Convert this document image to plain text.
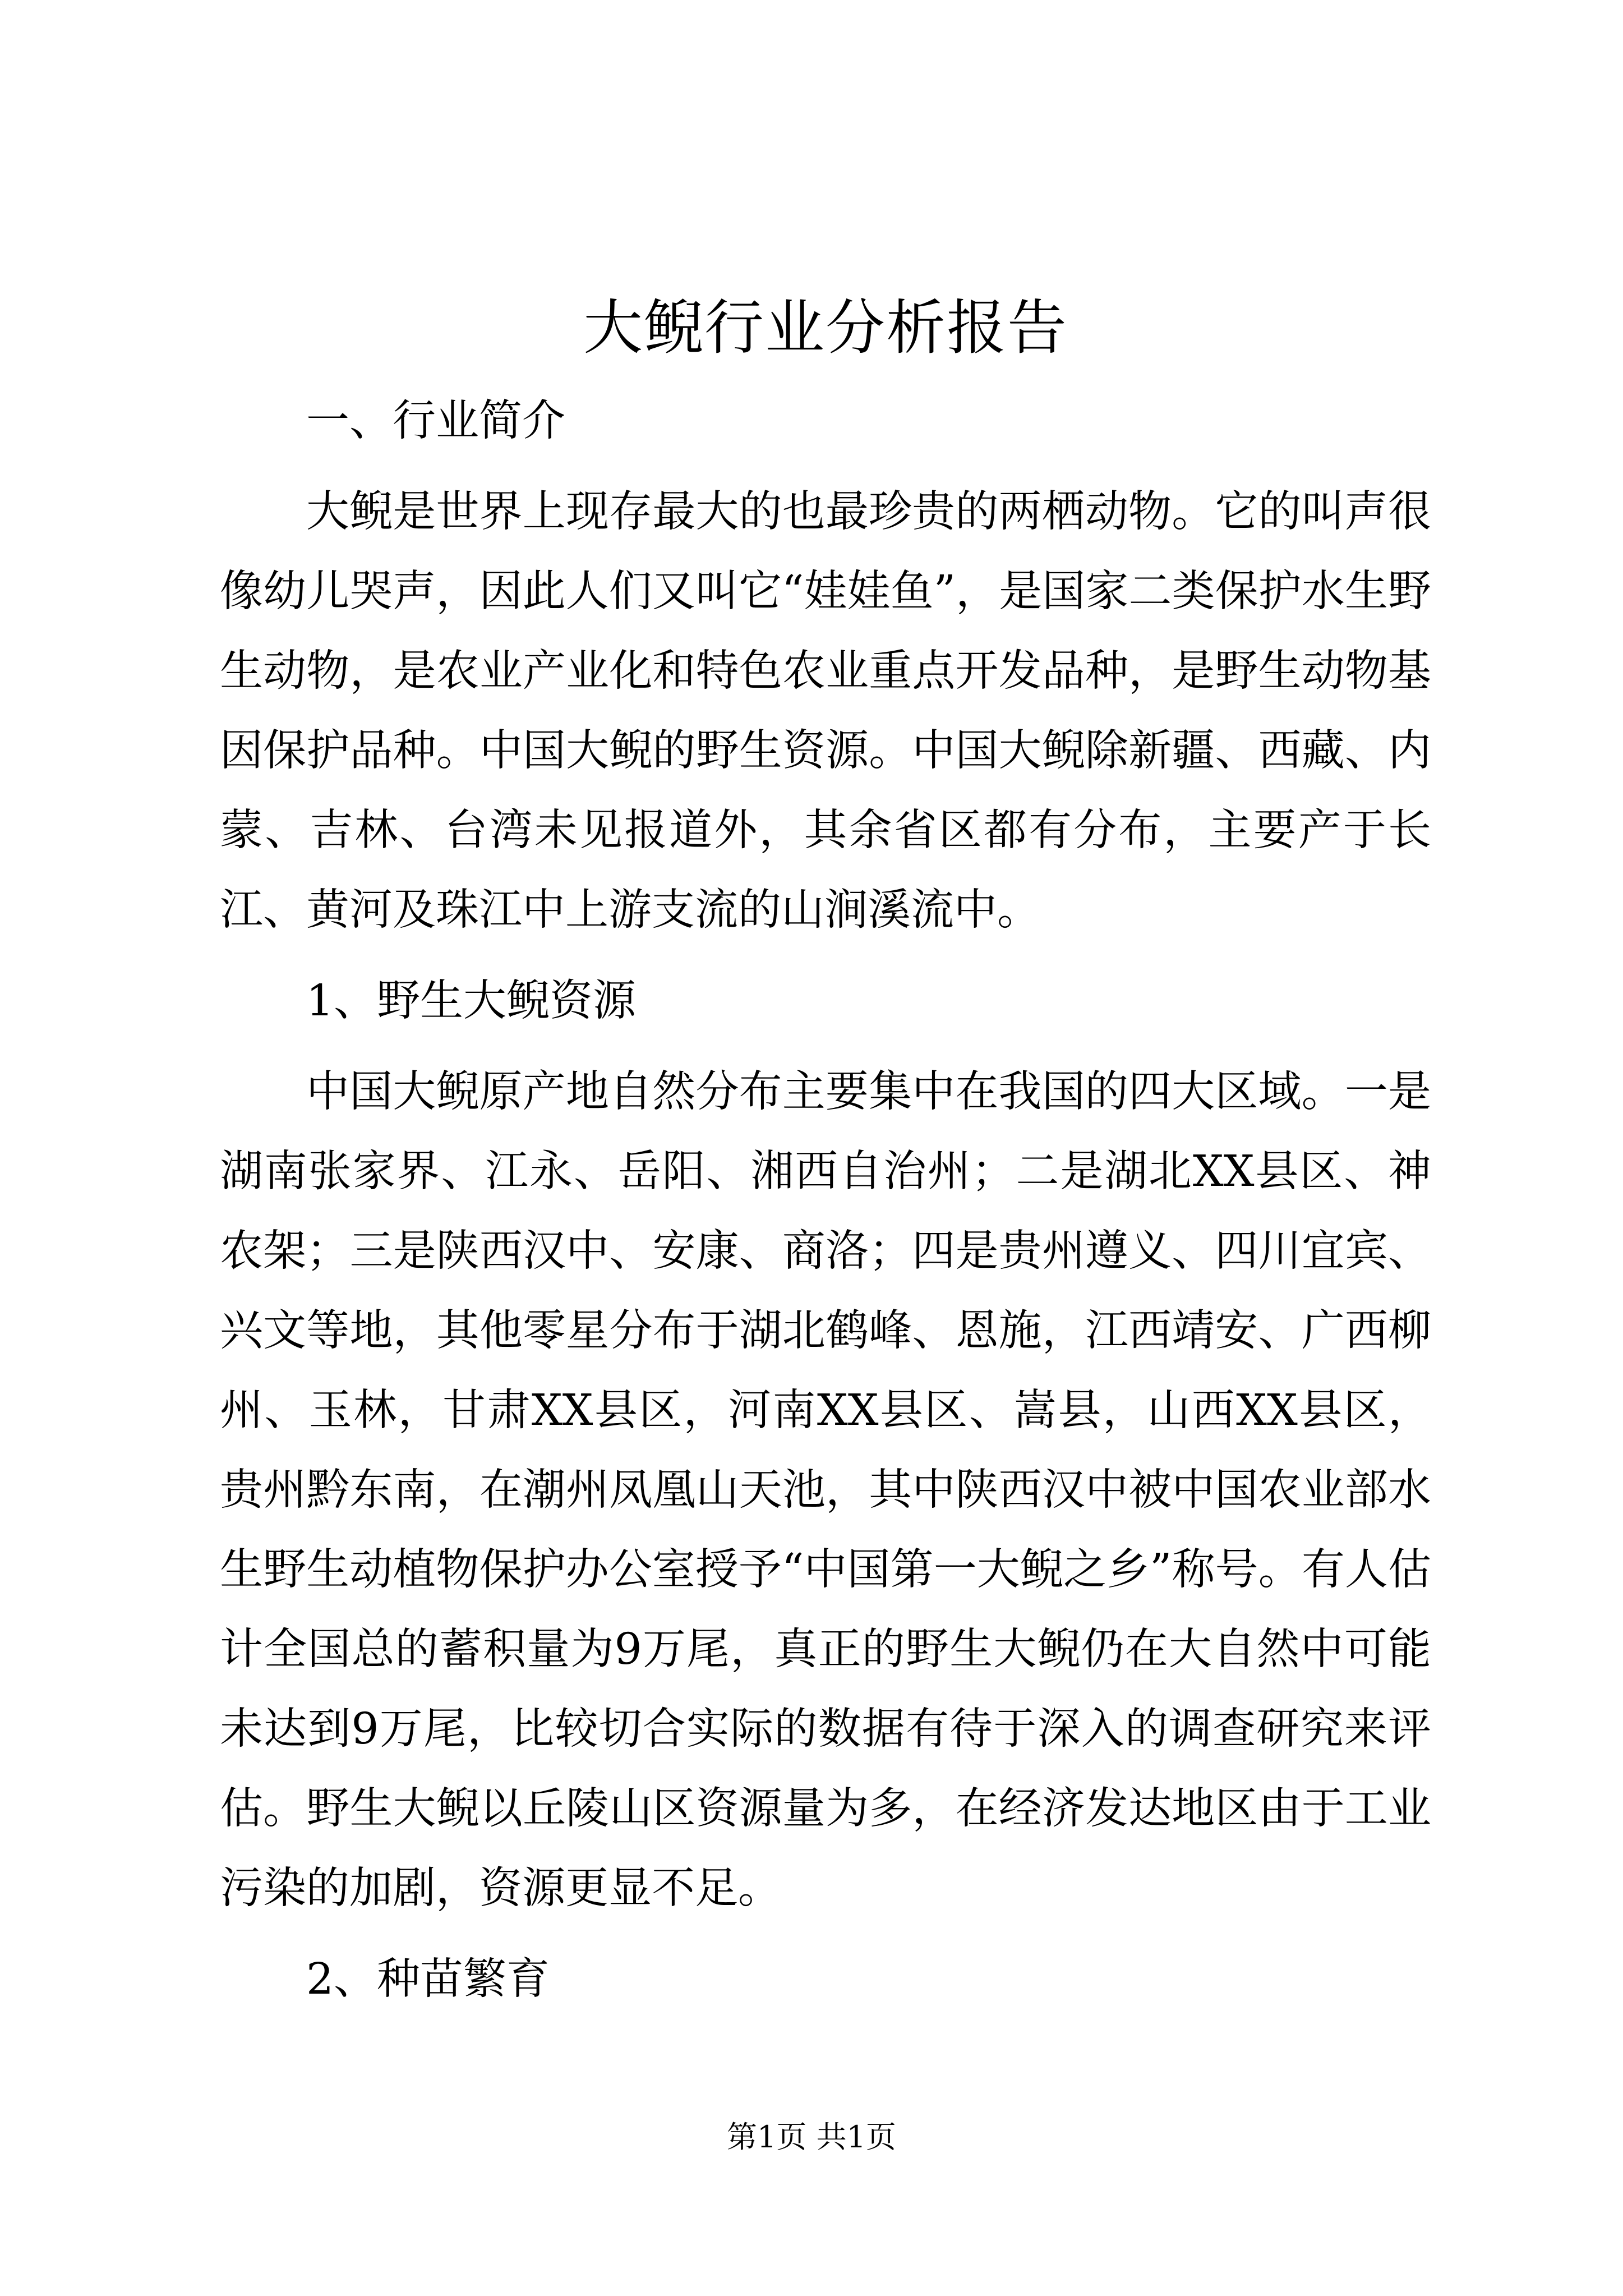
大鲵行业分析报告

一、行业简介

大鲵是世界上现存最大的也最珍贵的两栖动物。它的叫声很像幼儿哭声，因此人们又叫它“娃娃鱼”，是国家二类保护水生野生动物，是农业产业化和特色农业重点开发品种，是野生动物基因保护品种。中国大鲵的野生资源。中国大鲵除新疆、西藏、内蒙、吉林、台湾未见报道外，其余省区都有分布，主要产于长江、黄河及珠江中上游支流的山涧溪流中。

1、野生大鲵资源

中国大鲵原产地自然分布主要集中在我国的四大区域。一是湖南张家界、江永、岳阳、湘西自治州；二是湖北XX县区、神农架；三是陕西汉中、安康、商洛；四是贵州遵义、四川宜宾、兴文等地，其他零星分布于湖北鹤峰、恩施，江西靖安、广西柳州、玉林，甘肃XX县区，河南XX县区、嵩县，山西XX县区，贵州黔东南，在潮州凤凰山天池，其中陕西汉中被中国农业部水生野生动植物保护办公室授予“中国第一大鲵之乡”称号。有人估计全国总的蓄积量为9万尾，真正的野生大鲵仍在大自然中可能未达到9万尾，比较切合实际的数据有待于深入的调查研究来评估。野生大鲵以丘陵山区资源量为多，在经济发达地区由于工业污染的加剧，资源更显不足。

2、种苗繁育

第1页 共1页
